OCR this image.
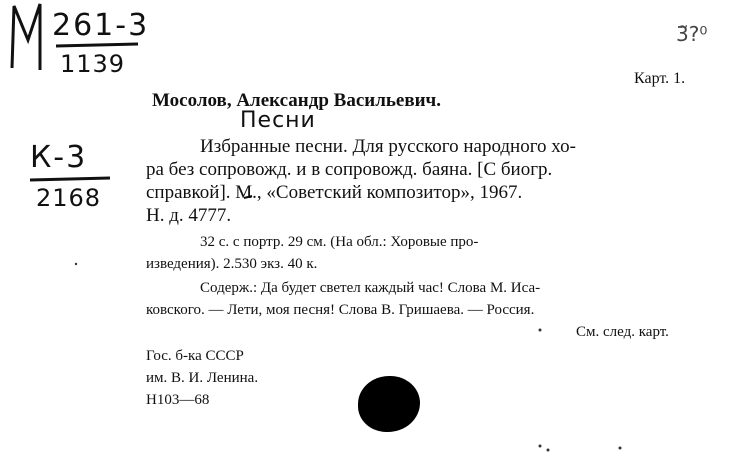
261-3
1139
К-3
2168
3̃?⁰
Карт. 1.
Мосолов, Александр Васильевич.
Песни
Избранные песни. Для русского народного хо-
ра без сопровожд. и в сопровожд. баяна. [С биогр.
справкой]. М., «Советский композитор», 1967.
Н. д. 4777.
32 с. с портр. 29 см. (На обл.: Хоровые про-
изведения). 2.530 экз. 40 к.
Содерж.: Да будет светел каждый час! Слова М. Иса-
ковского. — Лети, моя песня! Слова В. Гришаева. — Россия.
См. след. карт.
Гос. б-ка СССР
им. В. И. Ленина.
Н103—68
